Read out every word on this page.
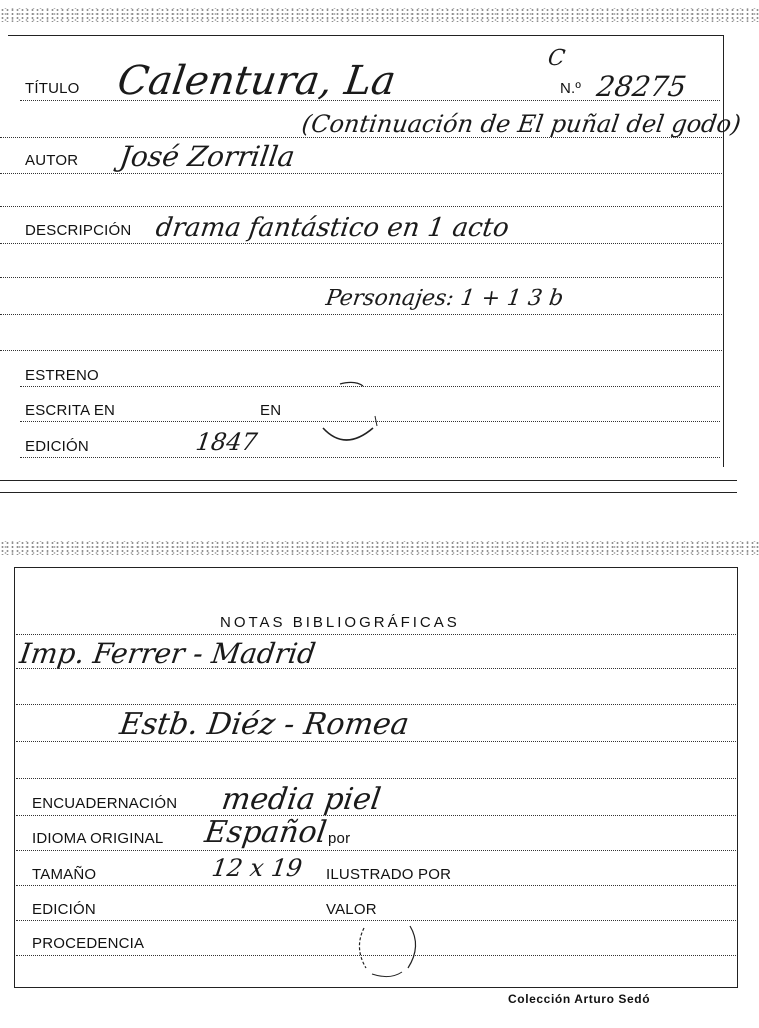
TÍTULO Calentura, La	C
N.º 28275
(Continuación de El puñal del godo)
AUTOR José Zorrilla
DESCRIPCIÓN drama fantástico en 1 acto
Personajes: 1 + 1 3 b
ESTRENO
ESCRITA EN	EN
EDICIÓN	1847
NOTAS BIBLIOGRÁFICAS
Imp. Ferrer - Madrid
Estb. Diéz - Romea
ENCUADERNACIÓN media piel
IDIOMA ORIGINAL Español por
TAMAÑO	12 x 19 ILUSTRADO POR
EDICIÓN	VALOR
PROCEDENCIA
Colección Arturo Sedó
